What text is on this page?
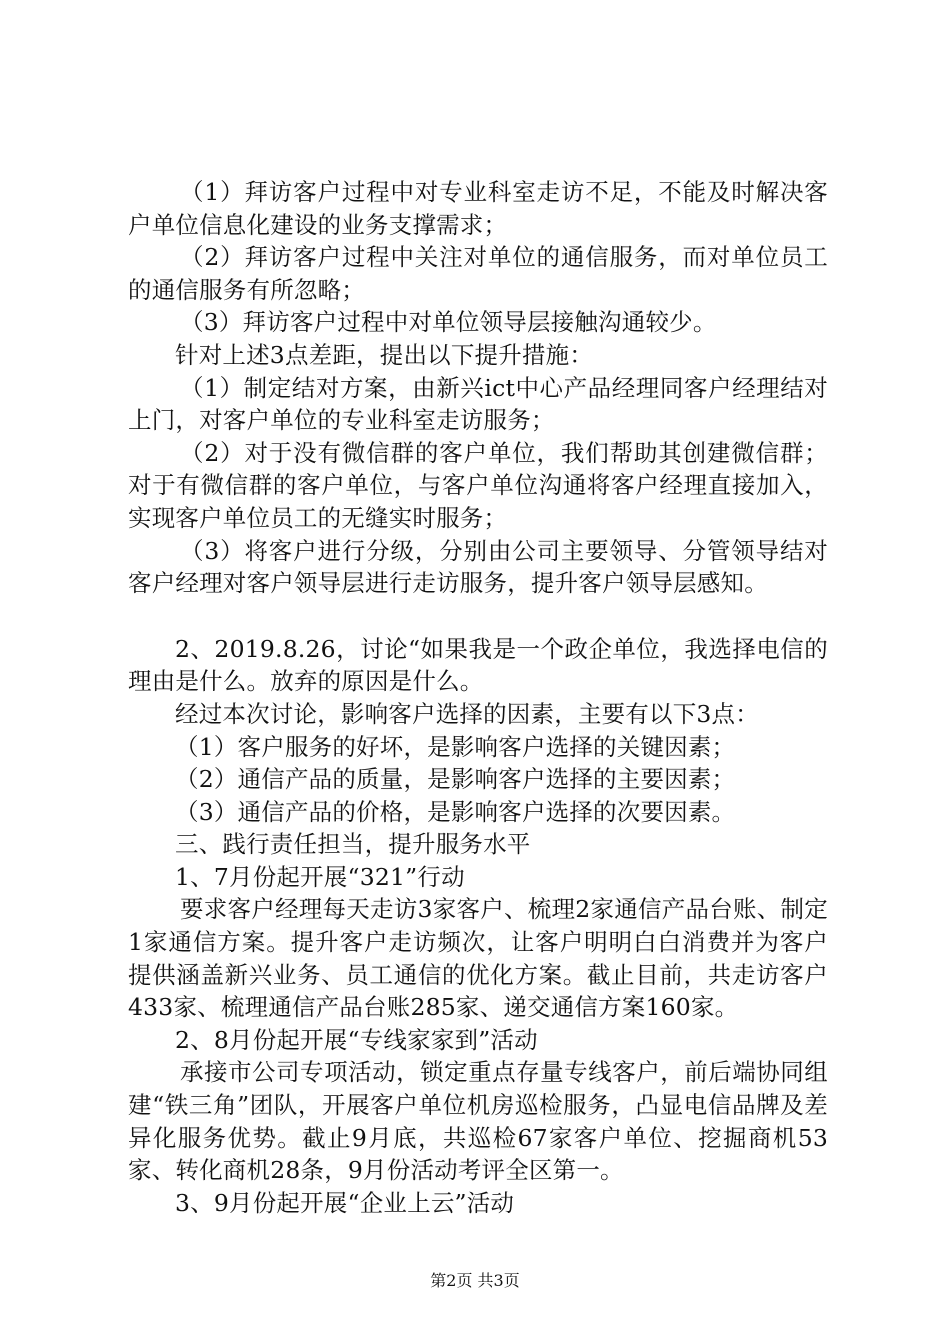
（1）拜访客户过程中对专业科室走访不足，不能及时解决客户单位信息化建设的业务支撑需求；

（2）拜访客户过程中关注对单位的通信服务，而对单位员工的通信服务有所忽略；

（3）拜访客户过程中对单位领导层接触沟通较少。

针对上述3点差距，提出以下提升措施：

（1）制定结对方案，由新兴ict中心产品经理同客户经理结对上门，对客户单位的专业科室走访服务；

（2）对于没有微信群的客户单位，我们帮助其创建微信群；对于有微信群的客户单位，与客户单位沟通将客户经理直接加入，实现客户单位员工的无缝实时服务；

（3）将客户进行分级，分别由公司主要领导、分管领导结对客户经理对客户领导层进行走访服务，提升客户领导层感知。

2、2019.8.26，讨论“如果我是一个政企单位，我选择电信的理由是什么。放弃的原因是什么。

经过本次讨论，影响客户选择的因素，主要有以下3点：

（1）客户服务的好坏，是影响客户选择的关键因素；

（2）通信产品的质量，是影响客户选择的主要因素；

（3）通信产品的价格，是影响客户选择的次要因素。

三、践行责任担当，提升服务水平

1、7月份起开展“321”行动

要求客户经理每天走访3家客户、梳理2家通信产品台账、制定1家通信方案。提升客户走访频次，让客户明明白白消费并为客户提供涵盖新兴业务、员工通信的优化方案。截止目前，共走访客户433家、梳理通信产品台账285家、递交通信方案160家。

2、8月份起开展“专线家家到”活动

承接市公司专项活动，锁定重点存量专线客户，前后端协同组建“铁三角”团队，开展客户单位机房巡检服务，凸显电信品牌及差异化服务优势。截止9月底，共巡检67家客户单位、挖掘商机53家、转化商机28条，9月份活动考评全区第一。

3、9月份起开展“企业上云”活动

第2页 共3页
